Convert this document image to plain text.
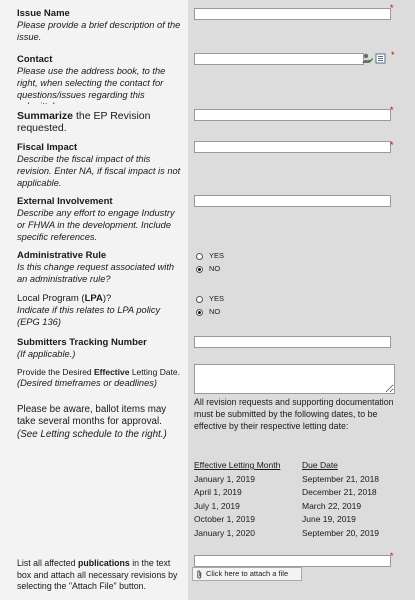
Issue Name
Please provide a brief description of the issue.
*
Contact
Please use the address book, to the right, when selecting the contact for questions/issues regarding this
*
Summarize the EP Revision requested.
*
Fiscal Impact
Describe the fiscal impact of this revision. Enter NA, if fiscal impact is not applicable.
*
External Involvement
Describe any effort to engage Industry or FHWA in the development. Include specific references.
Administrative Rule
Is this change request associated with an administrative rule?
YES
NO
Local Program (LPA)?
Indicate if this relates to LPA policy (EPG 136)
YES
NO
Submitters Tracking Number
(If applicable.)
Provide the Desired Effective Letting Date.
(Desired timeframes or deadlines)
Please be aware, ballot items may take several months for approval.
(See Letting schedule to the right.)
All revision requests and supporting documentation must be submitted by the following dates, to be effective by their respective letting date:
Effective Letting Month	Due Date
January 1, 2019	September 21, 2018
April 1, 2019	December 21, 2018
July 1, 2019	March 22, 2019
October 1, 2019	June 19, 2019
January 1, 2020	September 20, 2019
List all affected publications in the text box and attach all necessary revisions by selecting the "Attach File" button.
*
Click here to attach a file
